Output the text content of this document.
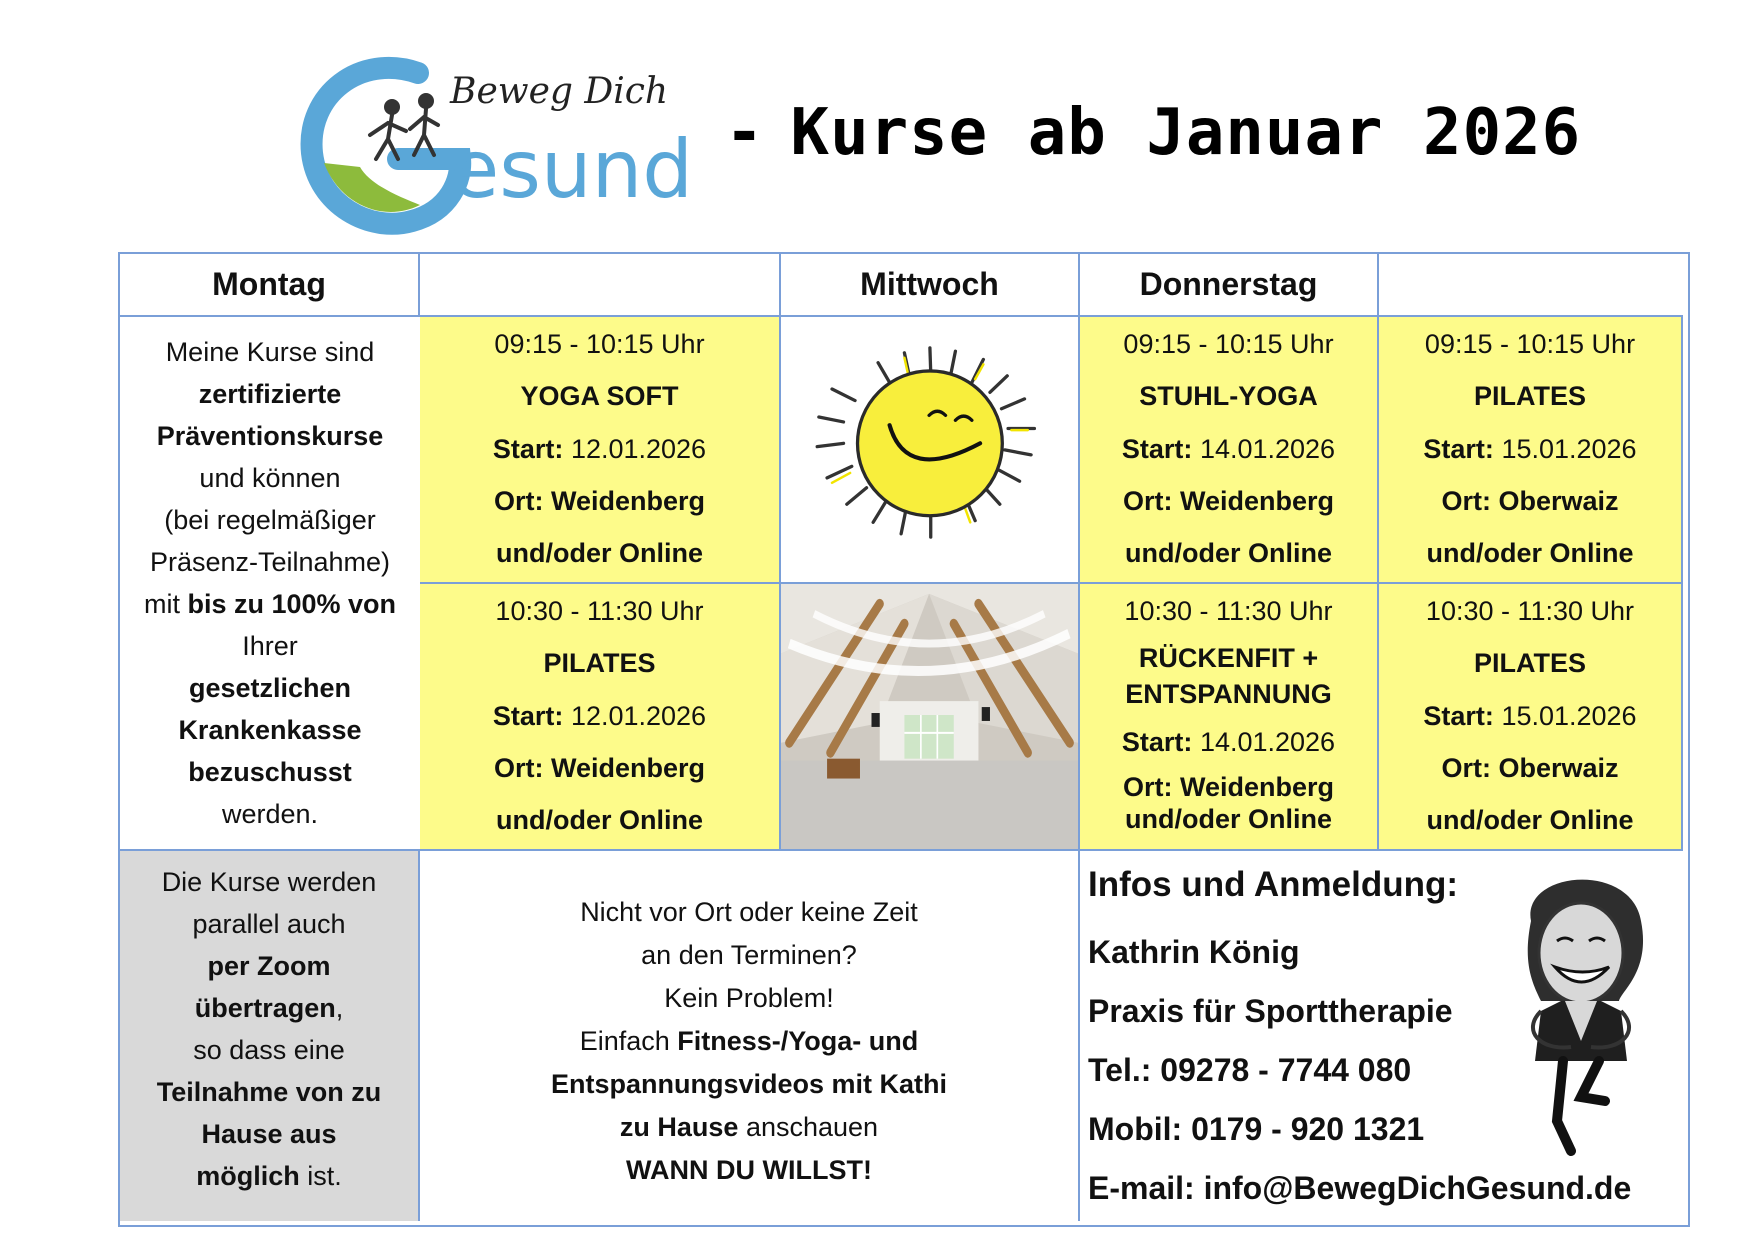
Beweg Dich
esund - Kurse ab Januar 2026
Montag	Mittwoch	Donnerstag
09:15 - 10:15 Uhr
YOGA SOFT
Start: 12.01.2026
Ort: Weidenberg
und/oder Online
09:15 - 10:15 Uhr
STUHL-YOGA
Start: 14.01.2026
Ort: Weidenberg
und/oder Online
09:15 - 10:15 Uhr
PILATES
Start: 15.01.2026
Ort: Oberwaiz
und/oder Online
Meine Kurse sind
zertifizierte
Präventionskurse
und können
(bei regelmäßiger
Präsenz-Teilnahme)
mit bis zu 100% von
Ihrer
gesetzlichen
Krankenkasse
bezuschusst
werden.
10:30 - 11:30 Uhr
PILATES
Start: 12.01.2026
Ort: Weidenberg
und/oder Online
10:30 - 11:30 Uhr
RÜCKENFIT +
ENTSPANNUNG
Start: 14.01.2026
Ort: Weidenberg
und/oder Online
10:30 - 11:30 Uhr
PILATES
Start: 15.01.2026
Ort: Oberwaiz
und/oder Online
Die Kurse werden
parallel auch
per Zoom
übertragen,
so dass eine
Teilnahme von zu
Hause aus
möglich ist.
Nicht vor Ort oder keine Zeit
an den Terminen?
Kein Problem!
Einfach Fitness-/Yoga- und
Entspannungsvideos mit Kathi
zu Hause anschauen
WANN DU WILLST!
Infos und Anmeldung:
Kathrin König
Praxis für Sporttherapie
Tel.: 09278 - 7744 080
Mobil: 0179 - 920 1321
E-mail: info@BewegDichGesund.de
